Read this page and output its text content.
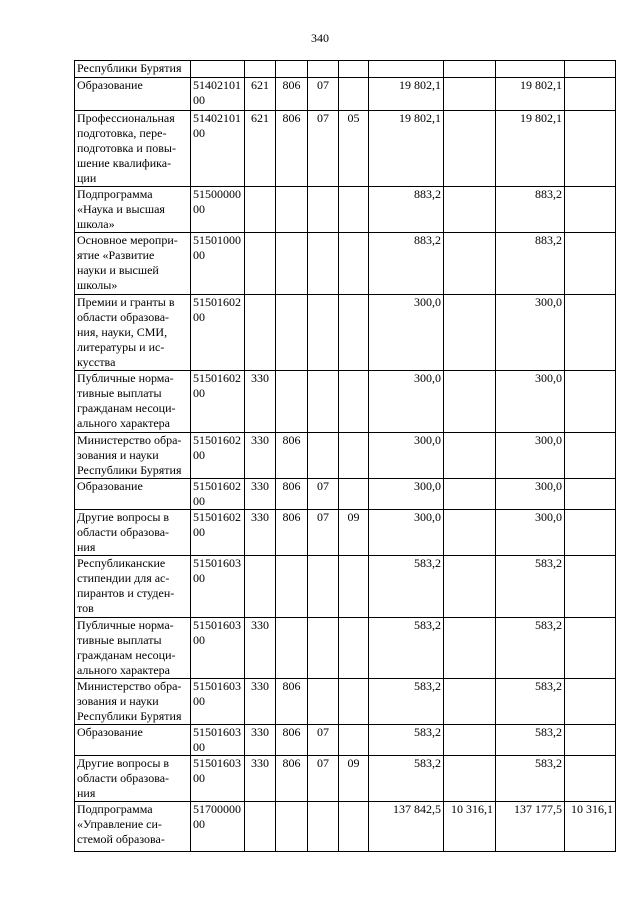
340
Республики Бурятия									
Образование	51402101
00	621	806	07		19 802,1		19 802,1	
Профессиональная
подготовка, пере-
подготовка и повы-
шение квалифика-
ции	51402101
00	621	806	07	05	19 802,1		19 802,1	
Подпрограмма
«Наука и высшая
школа»	51500000
00					883,2		883,2	
Основное меропри-
ятие «Развитие
науки и высшей
школы»	51501000
00					883,2		883,2	
Премии и гранты в
области образова-
ния, науки, СМИ,
литературы и ис-
кусства	51501602
00					300,0		300,0	
Публичные норма-
тивные выплаты
гражданам несоци-
ального характера	51501602
00	330				300,0		300,0	
Министерство обра-
зования и науки
Республики Бурятия	51501602
00	330	806			300,0		300,0	
Образование	51501602
00	330	806	07		300,0		300,0	
Другие вопросы в
области образова-
ния	51501602
00	330	806	07	09	300,0		300,0	
Республиканские
стипендии для ас-
пирантов и студен-
тов	51501603
00					583,2		583,2	
Публичные норма-
тивные выплаты
гражданам несоци-
ального характера	51501603
00	330				583,2		583,2	
Министерство обра-
зования и науки
Республики Бурятия	51501603
00	330	806			583,2		583,2	
Образование	51501603
00	330	806	07		583,2		583,2	
Другие вопросы в
области образова-
ния	51501603
00	330	806	07	09	583,2		583,2	
Подпрограмма
«Управление си-
стемой образова-	51700000
00					137 842,5	10 316,1	137 177,5	10 316,1
